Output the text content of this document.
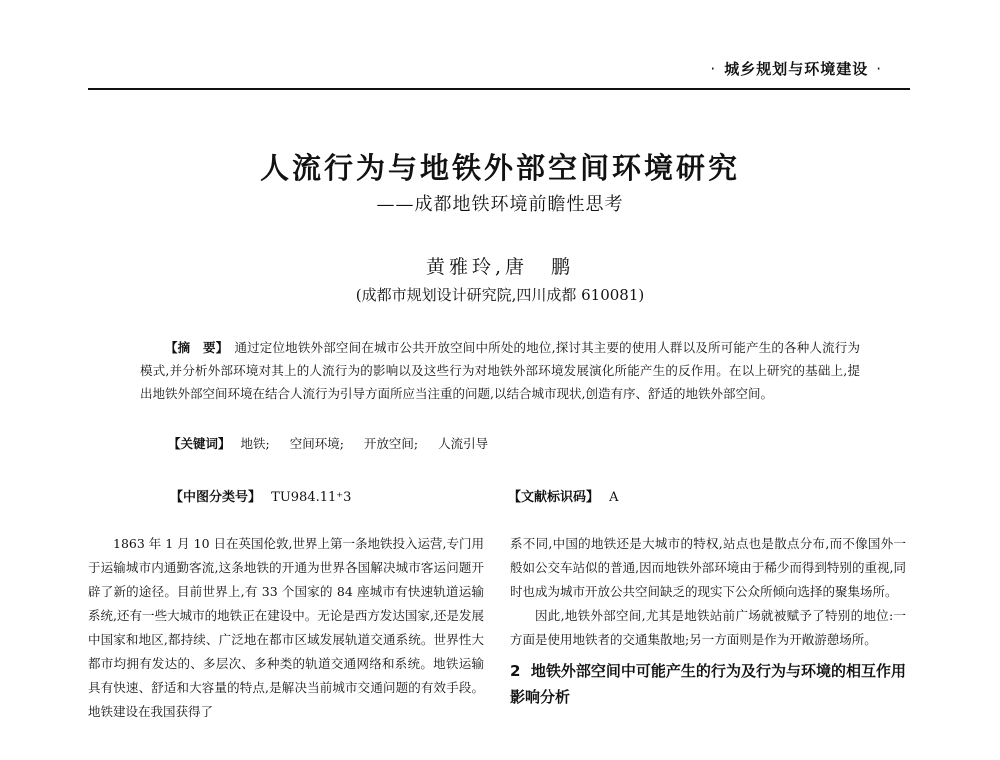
· 城乡规划与环境建设 ·
人流行为与地铁外部空间环境研究
——成都地铁环境前瞻性思考
黄雅玲,唐　鹏
(成都市规划设计研究院,四川成都 610081)
【摘　要】 通过定位地铁外部空间在城市公共开放空间中所处的地位,探讨其主要的使用人群以及所可能产生的各种人流行为模式,并分析外部环境对其上的人流行为的影响以及这些行为对地铁外部环境发展演化所能产生的反作用。在以上研究的基础上,提出地铁外部空间环境在结合人流行为引导方面所应当注重的问题,以结合城市现状,创造有序、舒适的地铁外部空间。
【关键词】 地铁; 空间环境; 开放空间; 人流引导
【中图分类号】 TU984.11⁺3	【文献标识码】 A

1863 年 1 月 10 日在英国伦敦,世界上第一条地铁投入运营,专门用于运输城市内通勤客流,这条地铁的开通为世界各国解决城市客运问题开辟了新的途径。目前世界上,有 33 个国家的 84 座城市有快速轨道运输系统,还有一些大城市的地铁正在建设中。无论是西方发达国家,还是发展中国家和地区,都持续、广泛地在都市区域发展轨道交通系统。世界性大都市均拥有发达的、多层次、多种类的轨道交通网络和系统。地铁运输具有快速、舒适和大容量的特点,是解决当前城市交通问题的有效手段。地铁建设在我国获得了

系不同,中国的地铁还是大城市的特权,站点也是散点分布,而不像国外一般如公交车站似的普通,因而地铁外部环境由于稀少而得到特别的重视,同时也成为城市开放公共空间缺乏的现实下公众所倾向选择的聚集场所。

因此,地铁外部空间,尤其是地铁站前广场就被赋予了特别的地位:一方面是使用地铁者的交通集散地;另一方面则是作为开敞游憩场所。

2 地铁外部空间中可能产生的行为及行为与环境的相互作用影响分析
